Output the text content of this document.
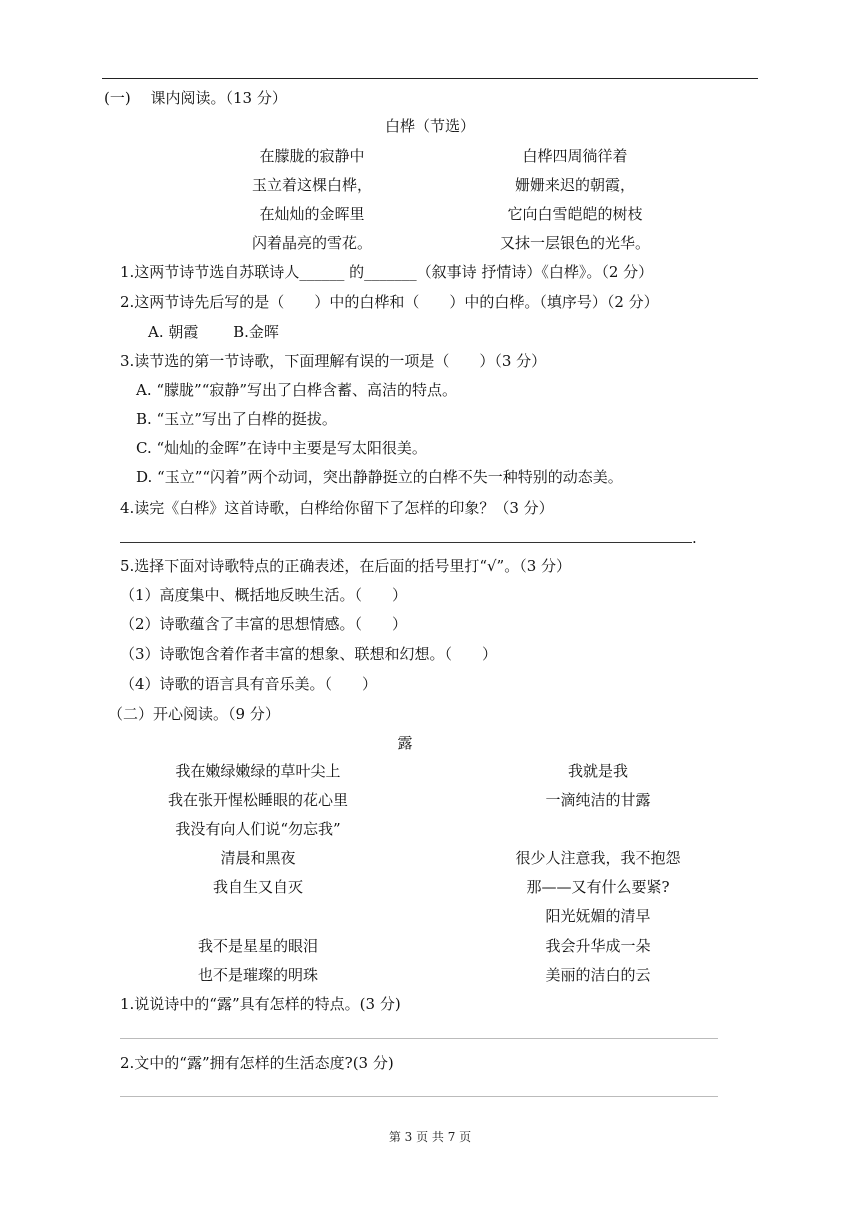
(一)　 课内阅读。（13 分）
白桦（节选）
在朦胧的寂静中
玉立着这棵白桦，
在灿灿的金晖里
闪着晶亮的雪花。
白桦四周徜徉着
姗姗来迟的朝霞，
它向白雪皑皑的树枝
又抹一层银色的光华。
1.这两节诗节选自苏联诗人______ 的_______（叙事诗 抒情诗）《白桦》。（2 分）
2.这两节诗先后写的是（　　）中的白桦和（　　）中的白桦。（填序号）（2 分）
A. 朝霞　　 B.金晖
3.读节选的第一节诗歌，下面理解有误的一项是（　　）（3 分）
A. “朦胧”“寂静”写出了白桦含蓄、高洁的特点。
B. “玉立”写出了白桦的挺拔。
C. “灿灿的金晖”在诗中主要是写太阳很美。
D. “玉立”“闪着”两个动词，突出静静挺立的白桦不失一种特别的动态美。
4.读完《白桦》这首诗歌，白桦给你留下了怎样的印象？（3 分）
.
5.选择下面对诗歌特点的正确表述，在后面的括号里打“√”。（3 分）
（1）高度集中、概括地反映生活。（　　）
（2）诗歌蕴含了丰富的思想情感。（　　）
（3）诗歌饱含着作者丰富的想象、联想和幻想。（　　）
（4）诗歌的语言具有音乐美。（　　）
（二）开心阅读。（9 分）
露
我在嫩绿嫩绿的草叶尖上
我在张开惺松睡眼的花心里
我没有向人们说“勿忘我”
清晨和黑夜
我自生又自灭
我不是星星的眼泪
也不是璀璨的明珠
我就是我
一滴纯洁的甘露
很少人注意我，我不抱怨
那——又有什么要紧?
阳光妩媚的清早
我会升华成一朵
美丽的洁白的云
1.说说诗中的“露”具有怎样的特点。(3 分)
2.文中的“露”拥有怎样的生活态度?(3 分)
第 3 页 共 7 页
